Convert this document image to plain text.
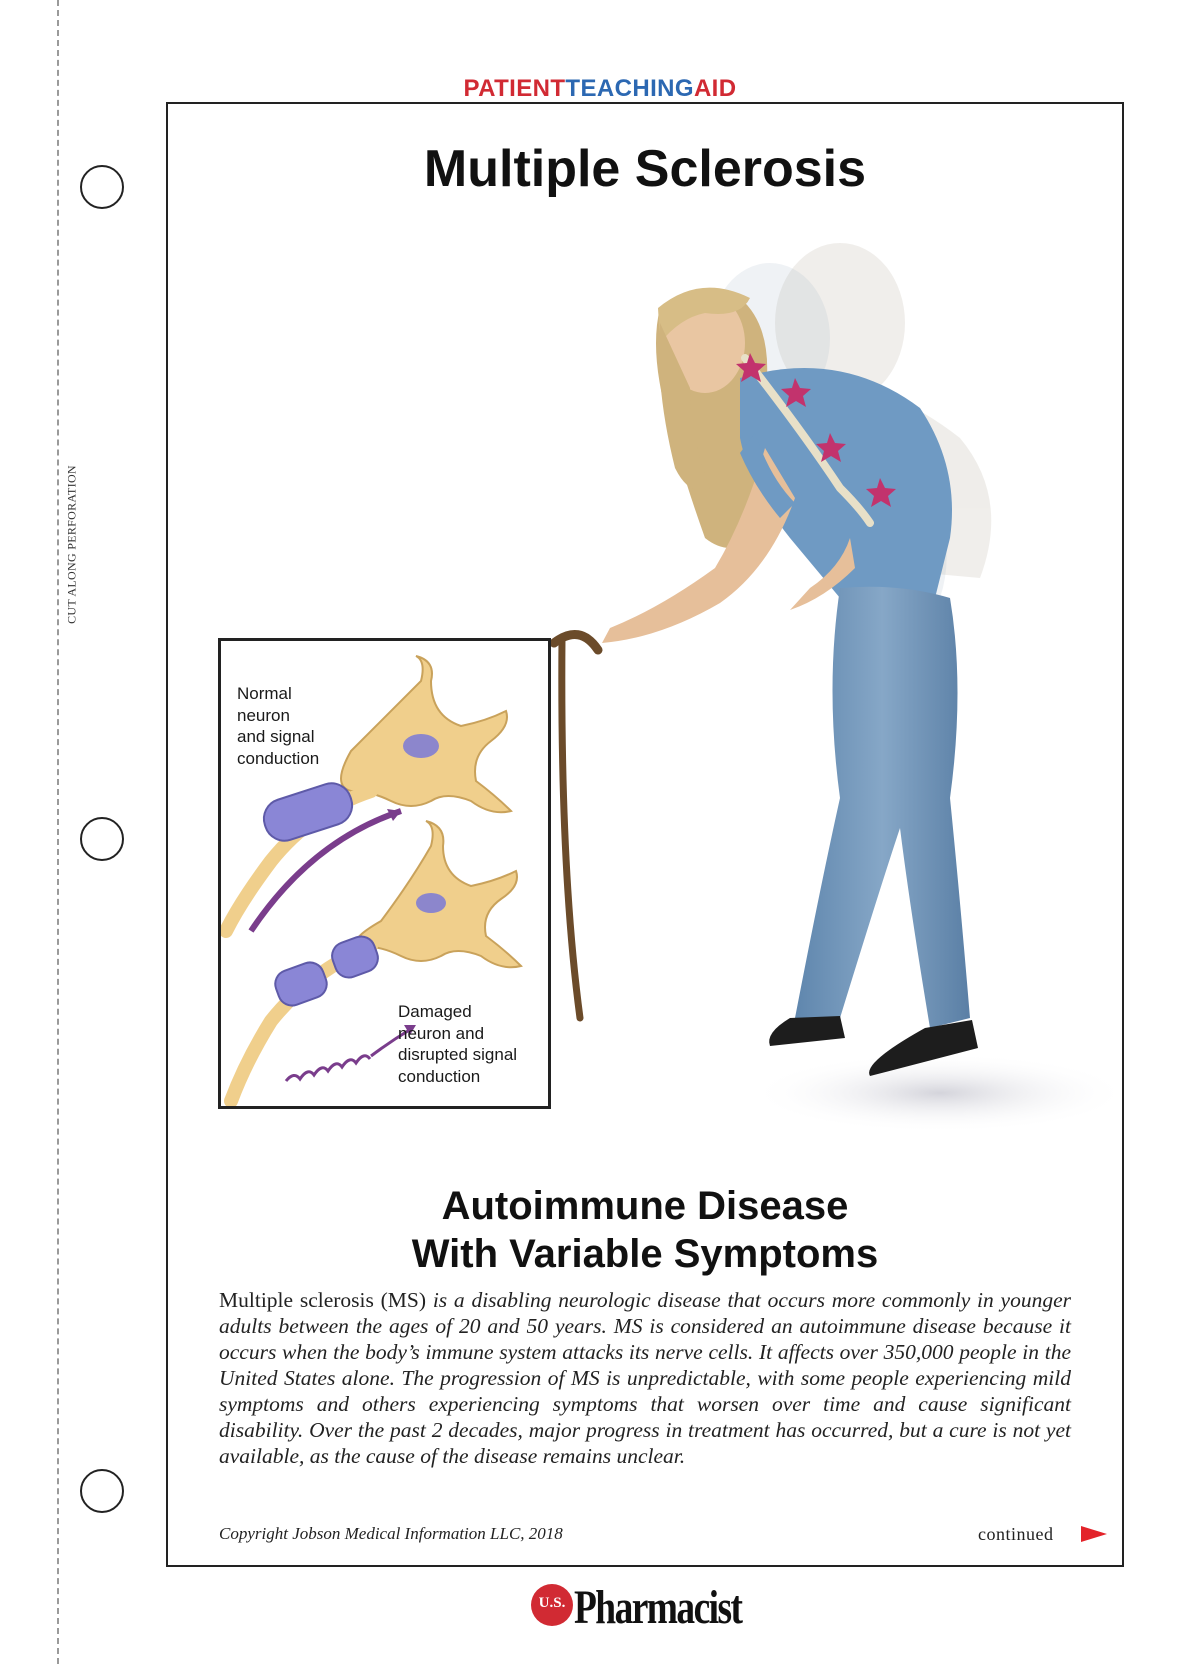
CUT ALONG PERFORATION
PATIENTTEACHINGAID
Multiple Sclerosis
Normal
neuron
and signal
conduction
Damaged
neuron and
disrupted signal
conduction
Autoimmune Disease
With Variable Symptoms

Multiple sclerosis (MS) is a disabling neurologic disease that occurs more commonly in younger adults between the ages of 20 and 50 years. MS is considered an autoimmune disease because it occurs when the body’s immune system attacks its nerve cells. It affects over 350,000 people in the United States alone. The progression of MS is unpredictable, with some people experiencing mild symptoms and others experiencing symptoms that worsen over time and cause significant disability. Over the past 2 decades, major progress in treatment has occurred, but a cure is not yet available, as the cause of the disease remains unclear.

Copyright Jobson Medical Information LLC, 2018	continued
U.S. Pharmacist
